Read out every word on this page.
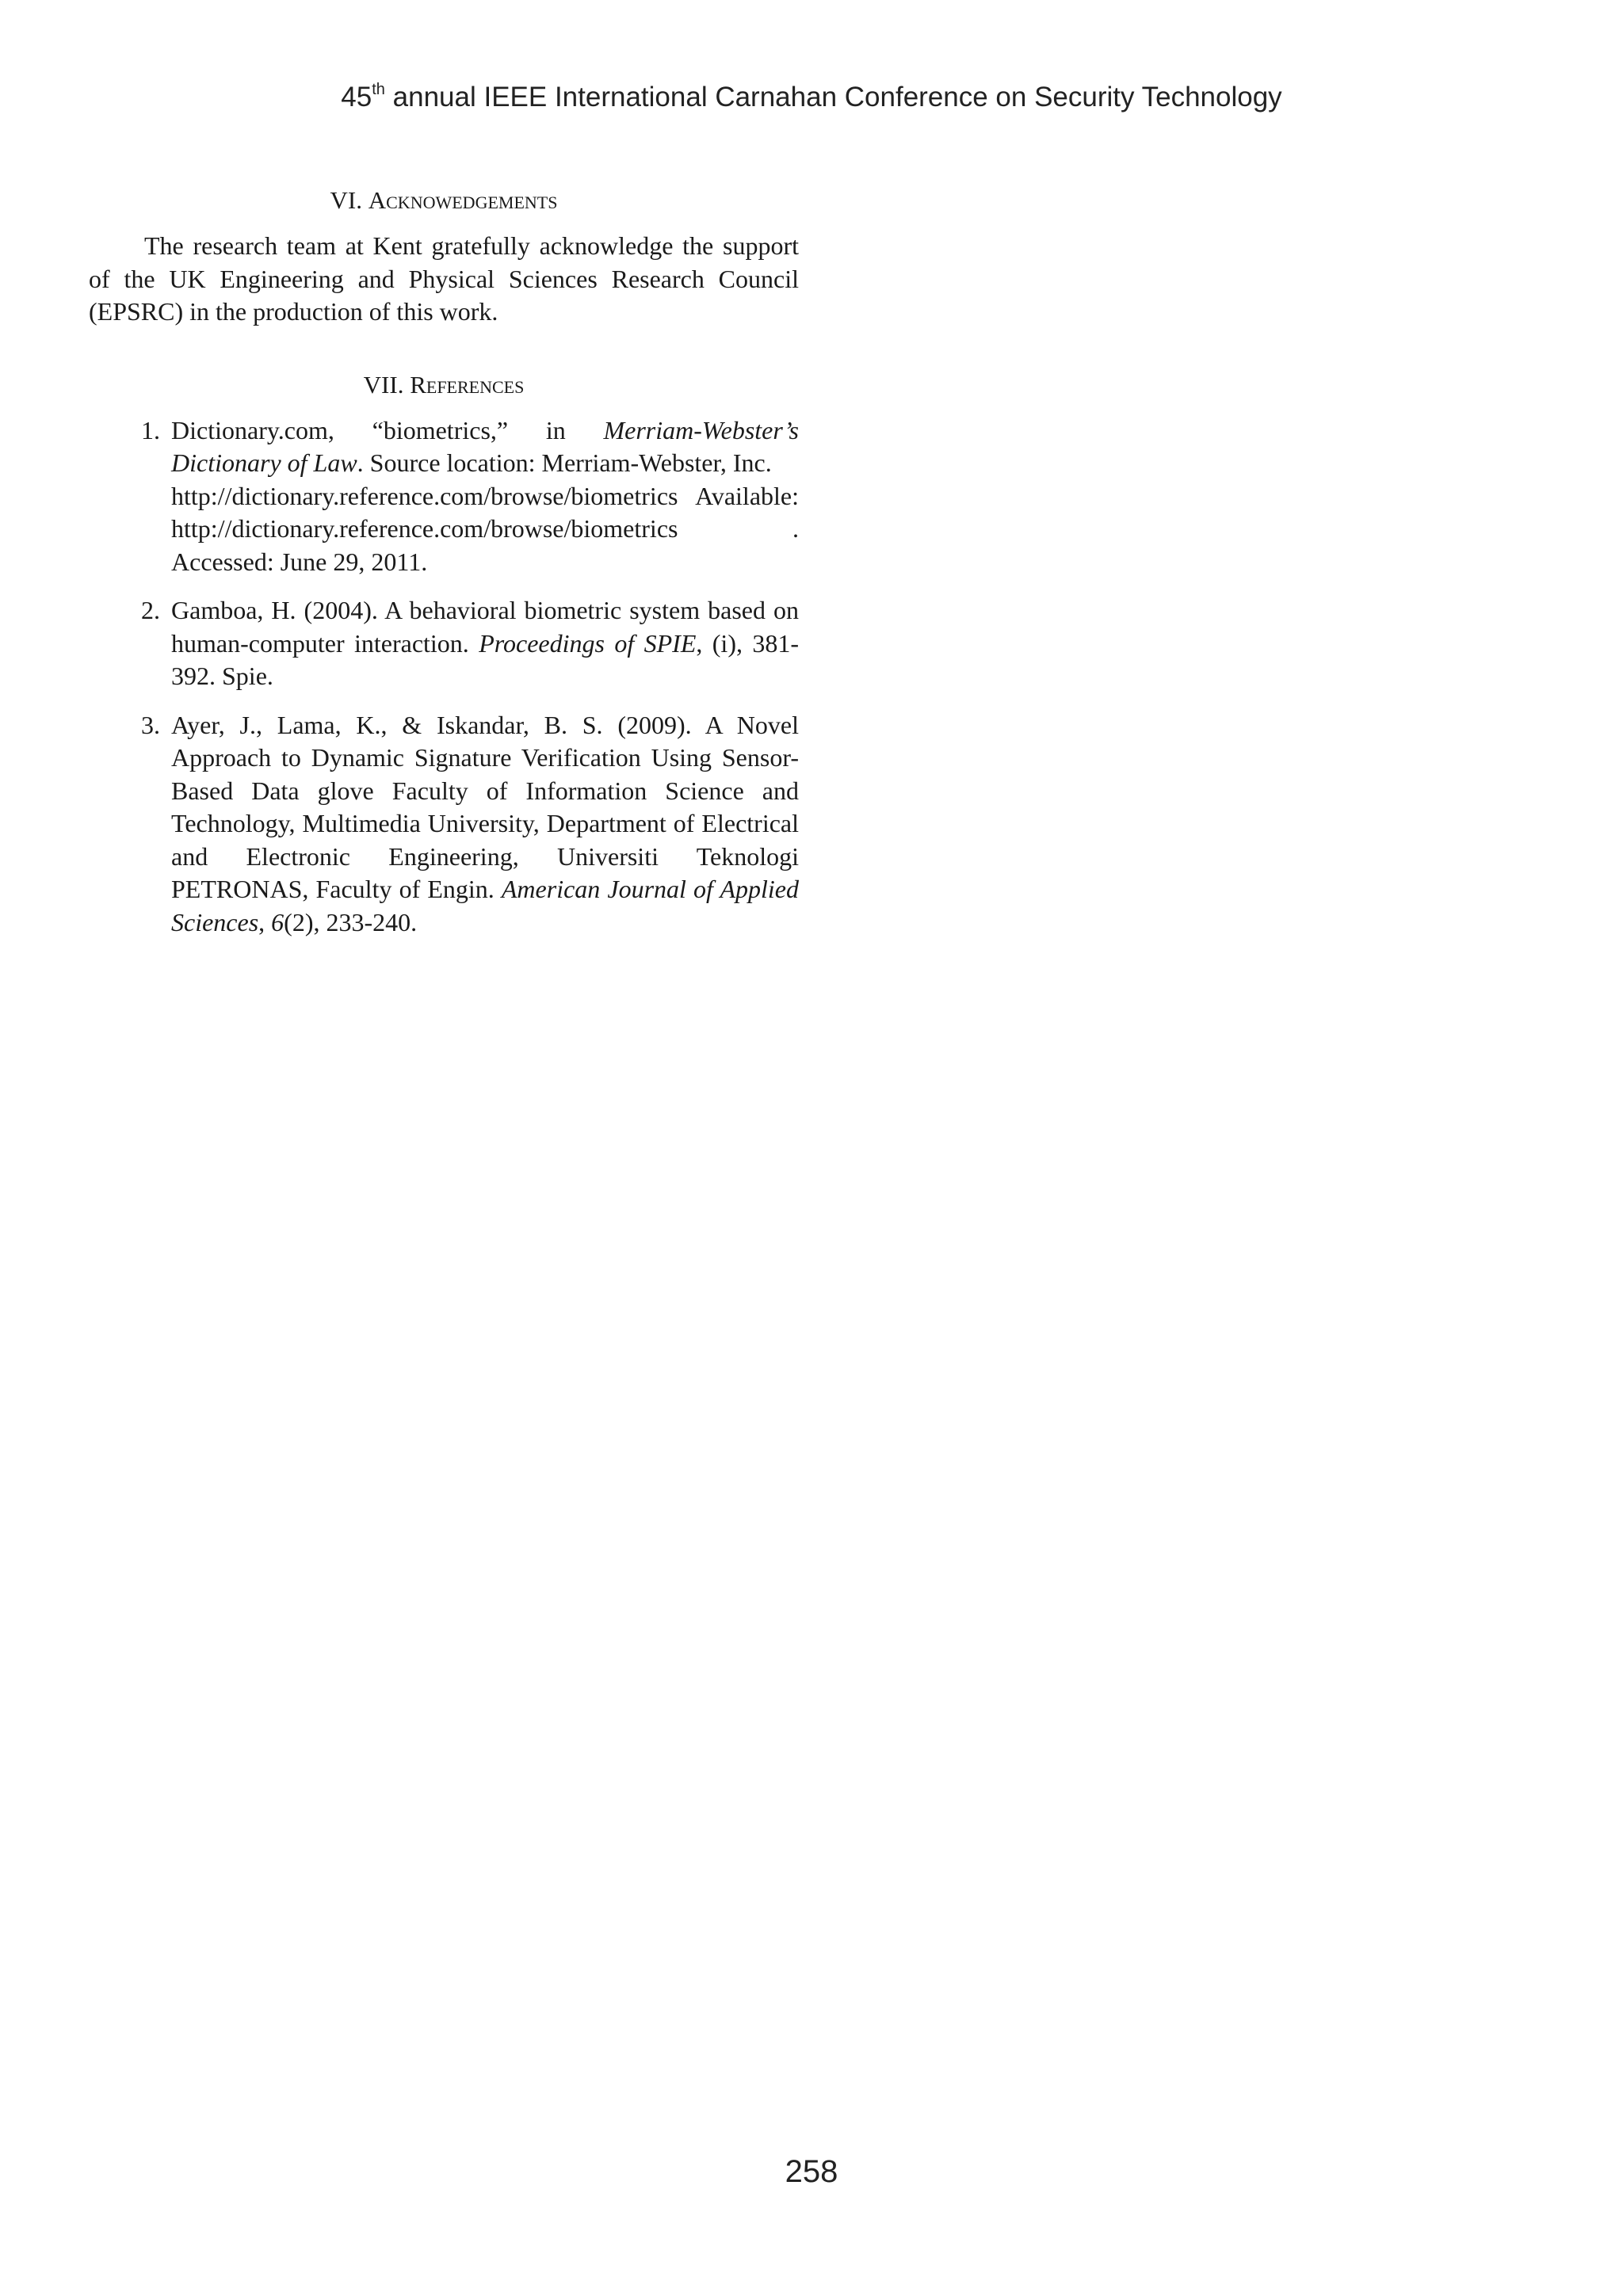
45th annual IEEE International Carnahan Conference on Security Technology
VI. Acknowedgements

The research team at Kent gratefully acknowledge the support of the UK Engineering and Physical Sciences Research Council (EPSRC) in the production of this work.

VII. References
1. Dictionary.com, “biometrics,” in Merriam-Webster’s Dictionary of Law. Source location: Merriam-Webster, Inc.
http://dictionary.reference.com/browse/biometrics Available: http://dictionary.reference.com/browse/biometrics .
Accessed: June 29, 2011.
2. Gamboa, H. (2004). A behavioral biometric system based on human-computer interaction. Proceedings of SPIE, (i), 381-392. Spie.
3. Ayer, J., Lama, K., & Iskandar, B. S. (2009). A Novel Approach to Dynamic Signature Verification Using Sensor-Based Data glove Faculty of Information Science and Technology, Multimedia University, Department of Electrical and Electronic Engineering, Universiti Teknologi PETRONAS, Faculty of Engin. American Journal of Applied Sciences, 6(2), 233-240.
258
